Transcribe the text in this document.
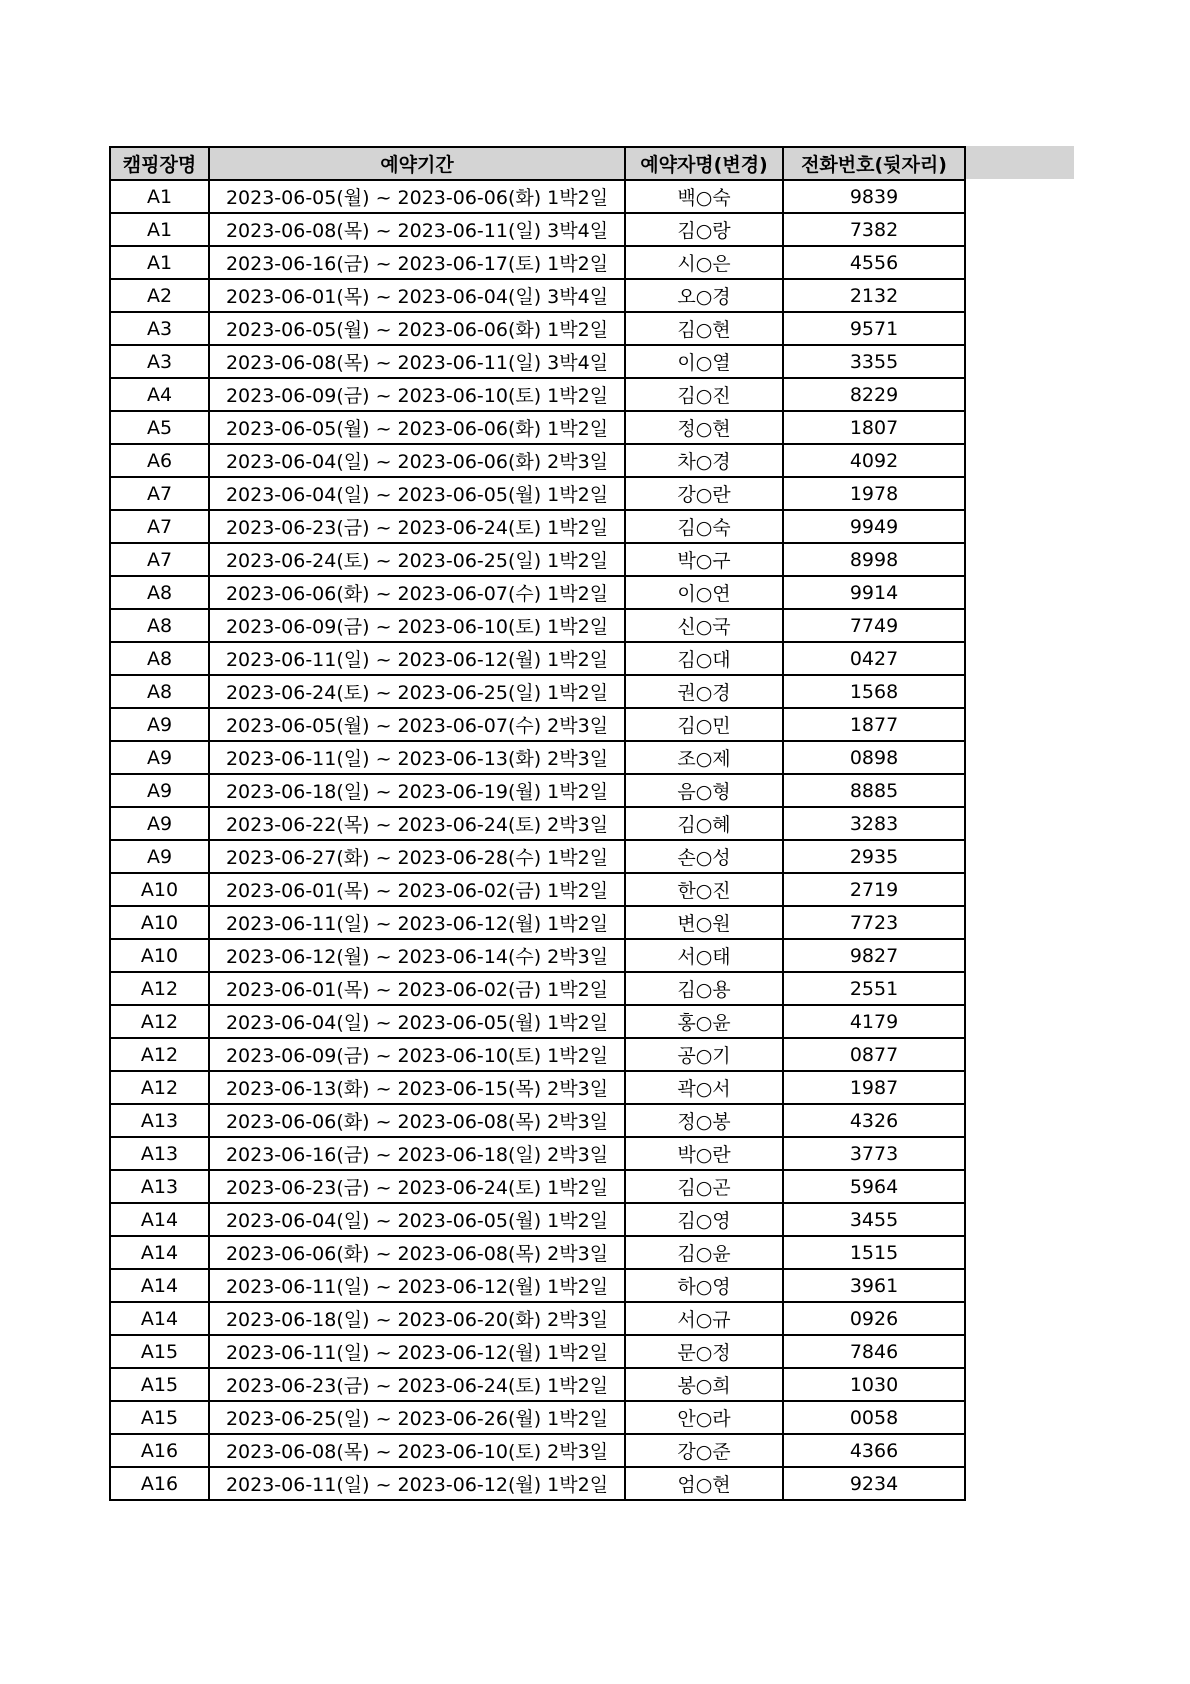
캠핑장명	예약기간	예약자명(변경)	전화번호(뒷자리)
A1	2023-06-05(월) ~ 2023-06-06(화) 1박2일	백○숙	9839
A1	2023-06-08(목) ~ 2023-06-11(일) 3박4일	김○랑	7382
A1	2023-06-16(금) ~ 2023-06-17(토) 1박2일	시○은	4556
A2	2023-06-01(목) ~ 2023-06-04(일) 3박4일	오○경	2132
A3	2023-06-05(월) ~ 2023-06-06(화) 1박2일	김○현	9571
A3	2023-06-08(목) ~ 2023-06-11(일) 3박4일	이○열	3355
A4	2023-06-09(금) ~ 2023-06-10(토) 1박2일	김○진	8229
A5	2023-06-05(월) ~ 2023-06-06(화) 1박2일	정○현	1807
A6	2023-06-04(일) ~ 2023-06-06(화) 2박3일	차○경	4092
A7	2023-06-04(일) ~ 2023-06-05(월) 1박2일	강○란	1978
A7	2023-06-23(금) ~ 2023-06-24(토) 1박2일	김○숙	9949
A7	2023-06-24(토) ~ 2023-06-25(일) 1박2일	박○구	8998
A8	2023-06-06(화) ~ 2023-06-07(수) 1박2일	이○연	9914
A8	2023-06-09(금) ~ 2023-06-10(토) 1박2일	신○국	7749
A8	2023-06-11(일) ~ 2023-06-12(월) 1박2일	김○대	0427
A8	2023-06-24(토) ~ 2023-06-25(일) 1박2일	권○경	1568
A9	2023-06-05(월) ~ 2023-06-07(수) 2박3일	김○민	1877
A9	2023-06-11(일) ~ 2023-06-13(화) 2박3일	조○제	0898
A9	2023-06-18(일) ~ 2023-06-19(월) 1박2일	음○형	8885
A9	2023-06-22(목) ~ 2023-06-24(토) 2박3일	김○혜	3283
A9	2023-06-27(화) ~ 2023-06-28(수) 1박2일	손○성	2935
A10	2023-06-01(목) ~ 2023-06-02(금) 1박2일	한○진	2719
A10	2023-06-11(일) ~ 2023-06-12(월) 1박2일	변○원	7723
A10	2023-06-12(월) ~ 2023-06-14(수) 2박3일	서○태	9827
A12	2023-06-01(목) ~ 2023-06-02(금) 1박2일	김○용	2551
A12	2023-06-04(일) ~ 2023-06-05(월) 1박2일	홍○윤	4179
A12	2023-06-09(금) ~ 2023-06-10(토) 1박2일	공○기	0877
A12	2023-06-13(화) ~ 2023-06-15(목) 2박3일	곽○서	1987
A13	2023-06-06(화) ~ 2023-06-08(목) 2박3일	정○봉	4326
A13	2023-06-16(금) ~ 2023-06-18(일) 2박3일	박○란	3773
A13	2023-06-23(금) ~ 2023-06-24(토) 1박2일	김○곤	5964
A14	2023-06-04(일) ~ 2023-06-05(월) 1박2일	김○영	3455
A14	2023-06-06(화) ~ 2023-06-08(목) 2박3일	김○윤	1515
A14	2023-06-11(일) ~ 2023-06-12(월) 1박2일	하○영	3961
A14	2023-06-18(일) ~ 2023-06-20(화) 2박3일	서○규	0926
A15	2023-06-11(일) ~ 2023-06-12(월) 1박2일	문○정	7846
A15	2023-06-23(금) ~ 2023-06-24(토) 1박2일	봉○희	1030
A15	2023-06-25(일) ~ 2023-06-26(월) 1박2일	안○라	0058
A16	2023-06-08(목) ~ 2023-06-10(토) 2박3일	강○준	4366
A16	2023-06-11(일) ~ 2023-06-12(월) 1박2일	엄○현	9234
